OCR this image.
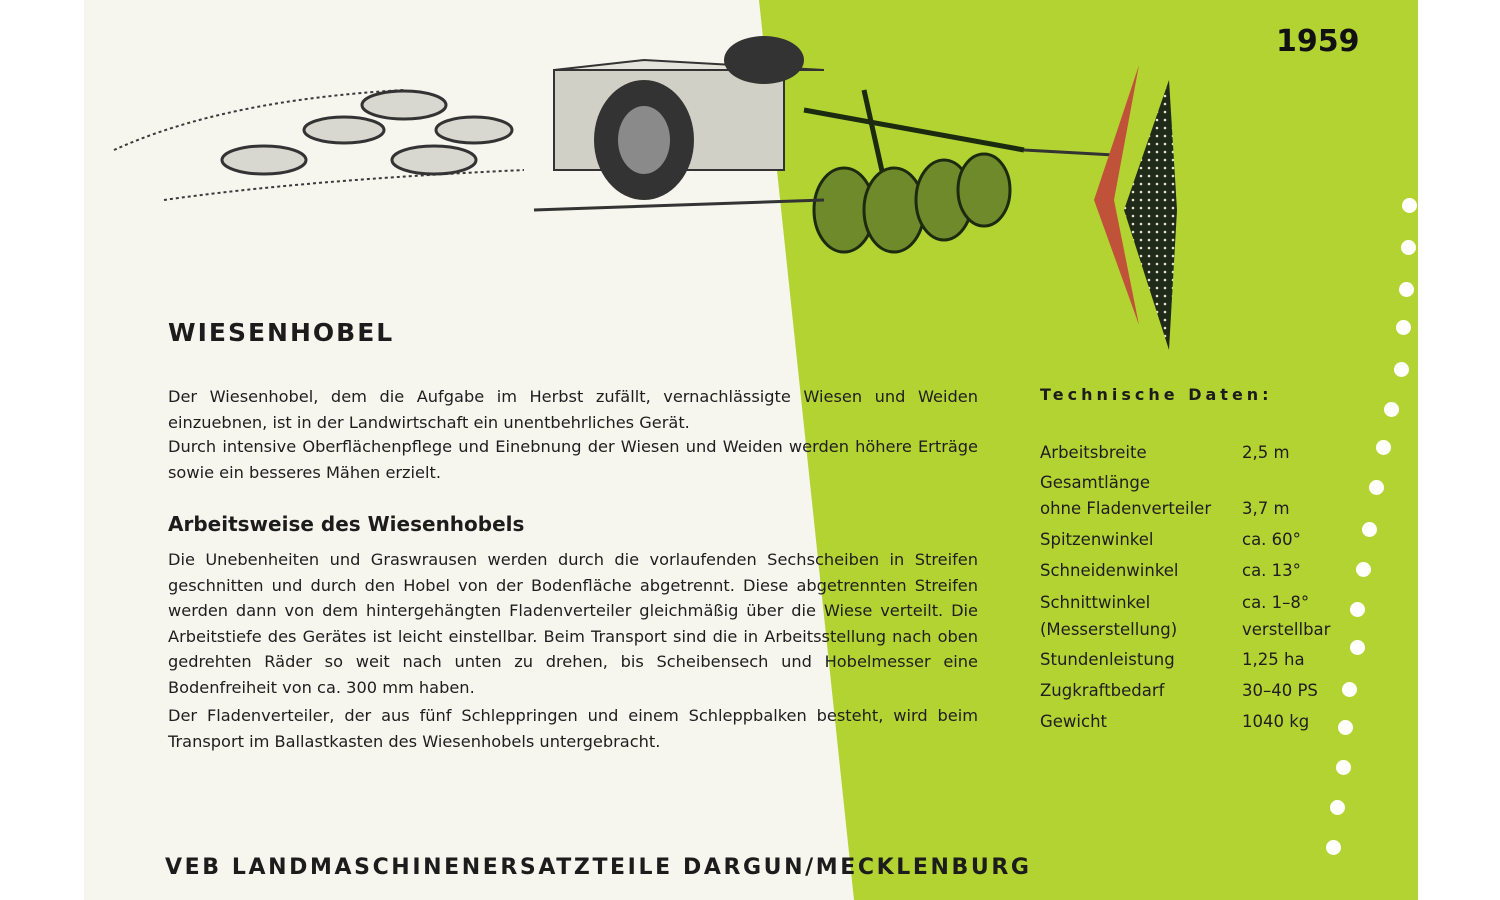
1959
WIESENHOBEL
Der Wiesenhobel, dem die Aufgabe im Herbst zufällt, vernachlässigte Wiesen und Weiden einzuebnen, ist in der Landwirtschaft ein unentbehrliches Gerät.
Durch intensive Oberflächenpflege und Einebnung der Wiesen und Weiden werden höhere Erträge sowie ein besseres Mähen erzielt.
Arbeitsweise des Wiesenhobels
Die Unebenheiten und Graswrausen werden durch die vorlaufenden Sechscheiben in Streifen geschnitten und durch den Hobel von der Bodenfläche abgetrennt. Diese abgetrennten Streifen werden dann von dem hintergehängten Fladenverteiler gleichmäßig über die Wiese verteilt. Die Arbeitstiefe des Gerätes ist leicht einstellbar. Beim Transport sind die in Arbeitsstellung nach oben gedrehten Räder so weit nach unten zu drehen, bis Scheibensech und Hobelmesser eine Bodenfreiheit von ca. 300 mm haben.
Der Fladenverteiler, der aus fünf Schleppringen und einem Schleppbalken besteht, wird beim Transport im Ballastkasten des Wiesenhobels untergebracht.
Technische Daten:
Arbeitsbreite	2,5 m
Gesamtlänge
ohne Fladenverteiler 3,7 m
Spitzenwinkel	ca. 60°
Schneidenwinkel	ca. 13°
Schnittwinkel	ca. 1–8°
(Messerstellung)	verstellbar
Stundenleistung	1,25 ha
Zugkraftbedarf	30–40 PS
Gewicht	1040 kg
VEB LANDMASCHINENERSATZTEILE DARGUN/MECKLENBURG
